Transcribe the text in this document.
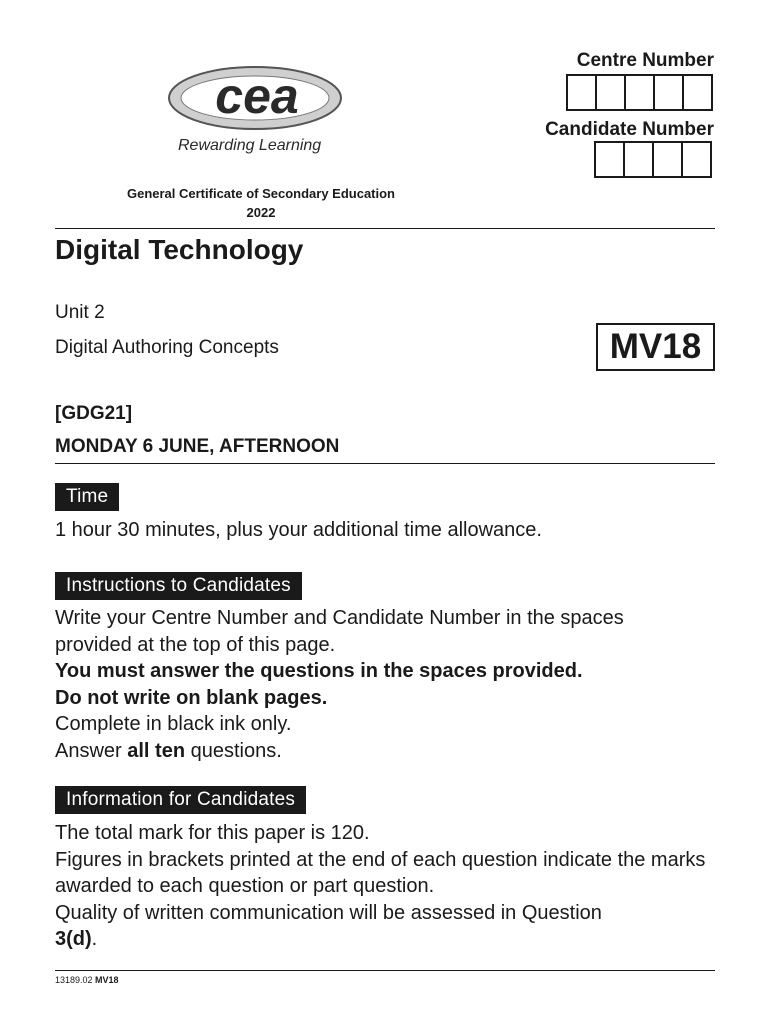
cea
Rewarding Learning
Centre Number
Candidate Number
General Certificate of Secondary Education
2022
Digital Technology
Unit 2
Digital Authoring Concepts	MV18
[GDG21]
MONDAY 6 JUNE, AFTERNOON
Time
1 hour 30 minutes, plus your additional time allowance.
Instructions to Candidates

Write your Centre Number and Candidate Number in the spaces provided at the top of this page.

You must answer the questions in the spaces provided.

Do not write on blank pages.

Complete in black ink only.

Answer all ten questions.

Information for Candidates

The total mark for this paper is 120.

Figures in brackets printed at the end of each question indicate the marks awarded to each question or part question.

Quality of written communication will be assessed in Question 3(d).

13189.02 MV18
